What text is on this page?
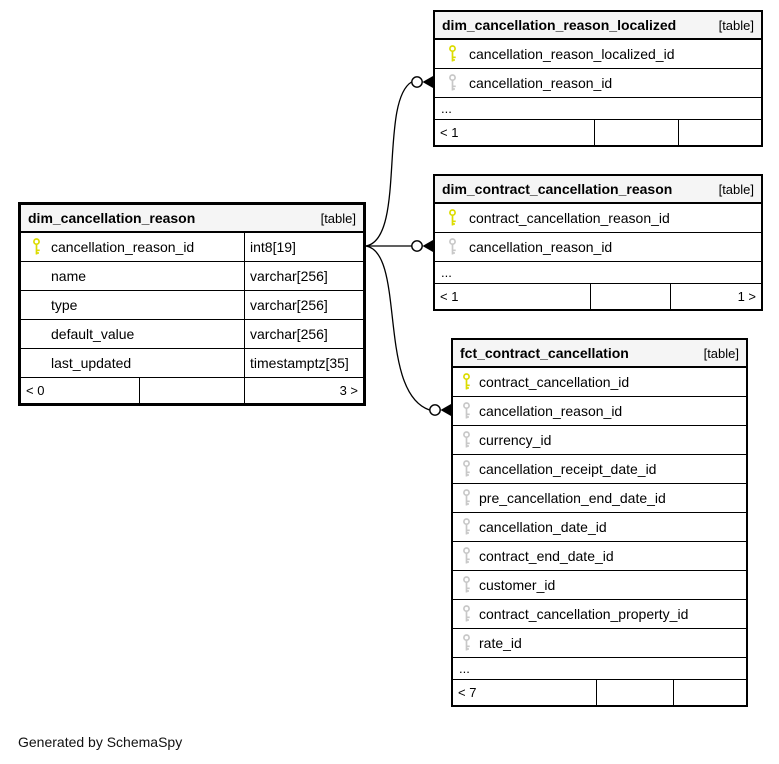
dim_cancellation_reason_localized	[table]
cancellation_reason_localized_id
cancellation_reason_id
...
< 1
dim_contract_cancellation_reason	[table]
contract_cancellation_reason_id
cancellation_reason_id
...
< 1	1 >
dim_cancellation_reason	[table]
cancellation_reason_id	int8[19]
name	varchar[256]
type	varchar[256]
default_value	varchar[256]
last_updated	timestamptz[35]
< 0	3 >
fct_contract_cancellation	[table]
contract_cancellation_id
cancellation_reason_id
currency_id
cancellation_receipt_date_id
pre_cancellation_end_date_id
cancellation_date_id
contract_end_date_id
customer_id
contract_cancellation_property_id
rate_id
...
< 7
Generated by SchemaSpy
